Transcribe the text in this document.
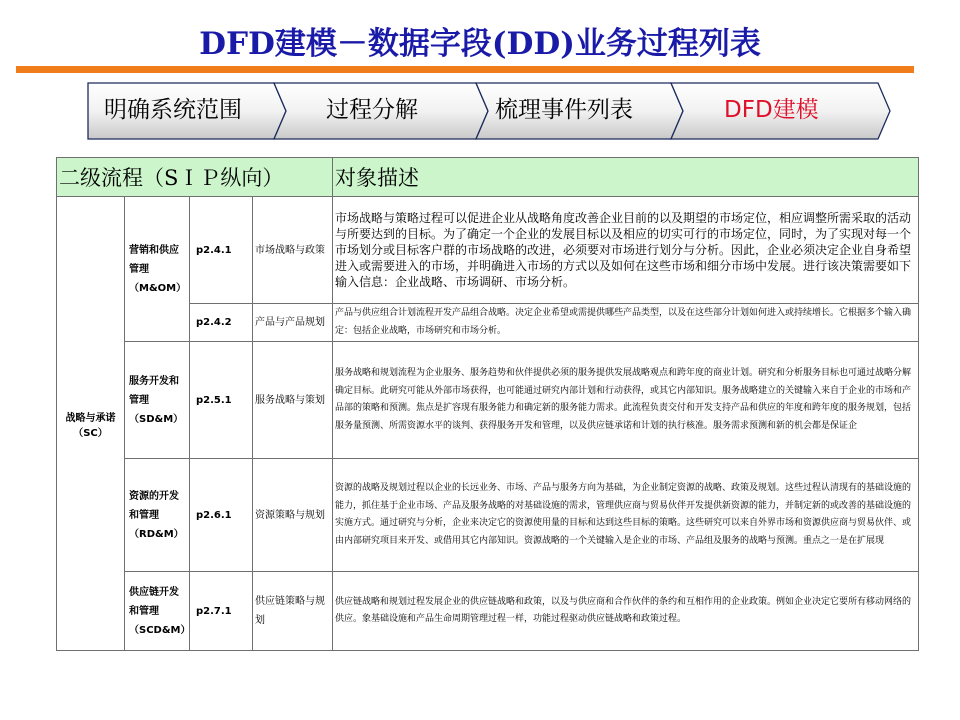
DFD建模－数据字段(DD)业务过程列表
明确系统范围	过程分解	梳理事件列表	DFD建模
二级流程（SＩＰ纵向）				对象描述
战略与承诺（SC）	营销和供应管理（M&OM）	p2.4.1	市场战略与政策	市场战略与策略过程可以促进企业从战略角度改善企业目前的以及期望的市场定位，相应调整所需采取的活动与所要达到的目标。为了确定一个企业的发展目标以及相应的切实可行的市场定位，同时，为了实现对每一个市场划分或目标客户群的市场战略的改进，必须要对市场进行划分与分析。因此，企业必须决定企业自身希望进入或需要进入的市场，并明确进入市场的方式以及如何在这些市场和细分市场中发展。进行该决策需要如下输入信息：企业战略、市场调研、市场分析。
		p2.4.2	产品与产品规划	产品与供应组合计划流程开发产品组合战略。决定企业希望或需提供哪些产品类型，以及在这些部分计划如何进入或持续增长。它根据多个输入确定：包括企业战略，市场研究和市场分析。
	服务开发和管理（SD&M）	p2.5.1	服务战略与策划	服务战略和规划流程为企业服务、服务趋势和伙伴提供必须的服务提供发展战略观点和跨年度的商业计划。研究和分析服务目标也可通过战略分解确定目标。此研究可能从外部市场获得，也可能通过研究内部计划和行动获得，或其它内部知识。服务战略建立的关键输入来自于企业的市场和产品部的策略和预测。焦点是扩容现有服务能力和确定新的服务能力需求。此流程负责交付和开发支持产品和供应的年度和跨年度的服务规划，包括服务量预测、所需资源水平的谈判、获得服务开发和管理，以及供应链承诺和计划的执行核准。服务需求预测和新的机会都是保证企
	资源的开发和管理（RD&M）	p2.6.1	资源策略与规划	资源的战略及规划过程以企业的长远业务、市场、产品与服务方向为基础，为企业制定资源的战略、政策及规划。这些过程认清现有的基础设施的能力，抓住基于企业市场、产品及服务战略的对基础设施的需求，管理供应商与贸易伙伴开发提供新资源的能力，并制定新的或改善的基础设施的实施方式。通过研究与分析，企业来决定它的资源使用量的目标和达到这些目标的策略。这些研究可以来自外界市场和资源供应商与贸易伙伴、或由内部研究项目来开发、或借用其它内部知识。资源战略的一个关键输入是企业的市场、产品组及服务的战略与预测。重点之一是在扩展现
	供应链开发和管理（SCD&M）	p2.7.1	供应链策略与规划	供应链战略和规划过程发展企业的供应链战略和政策，以及与供应商和合作伙伴的条约和互相作用的企业政策。例如企业决定它要所有移动网络的供应。象基础设施和产品生命周期管理过程一样，功能过程驱动供应链战略和政策过程。
